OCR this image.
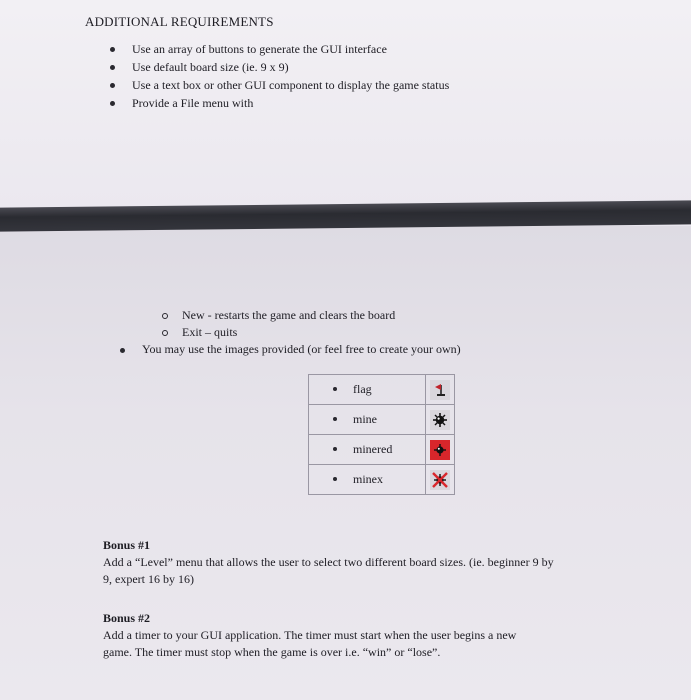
ADDITIONAL REQUIREMENTS
Use an array of buttons to generate the GUI interface
Use default board size (ie. 9 x 9)
Use a text box or other GUI component to display the game status
Provide a File menu with
New - restarts the game and clears the board
Exit – quits
You may use the images provided (or feel free to create your own)
flag	
mine	
minered	
minex	
Bonus #1
Add a “Level” menu that allows the user to select two different board sizes. (ie. beginner 9 by
9, expert 16 by 16)
Bonus #2
Add a timer to your GUI application. The timer must start when the user begins a new
game. The timer must stop when the game is over i.e. “win” or “lose”.
